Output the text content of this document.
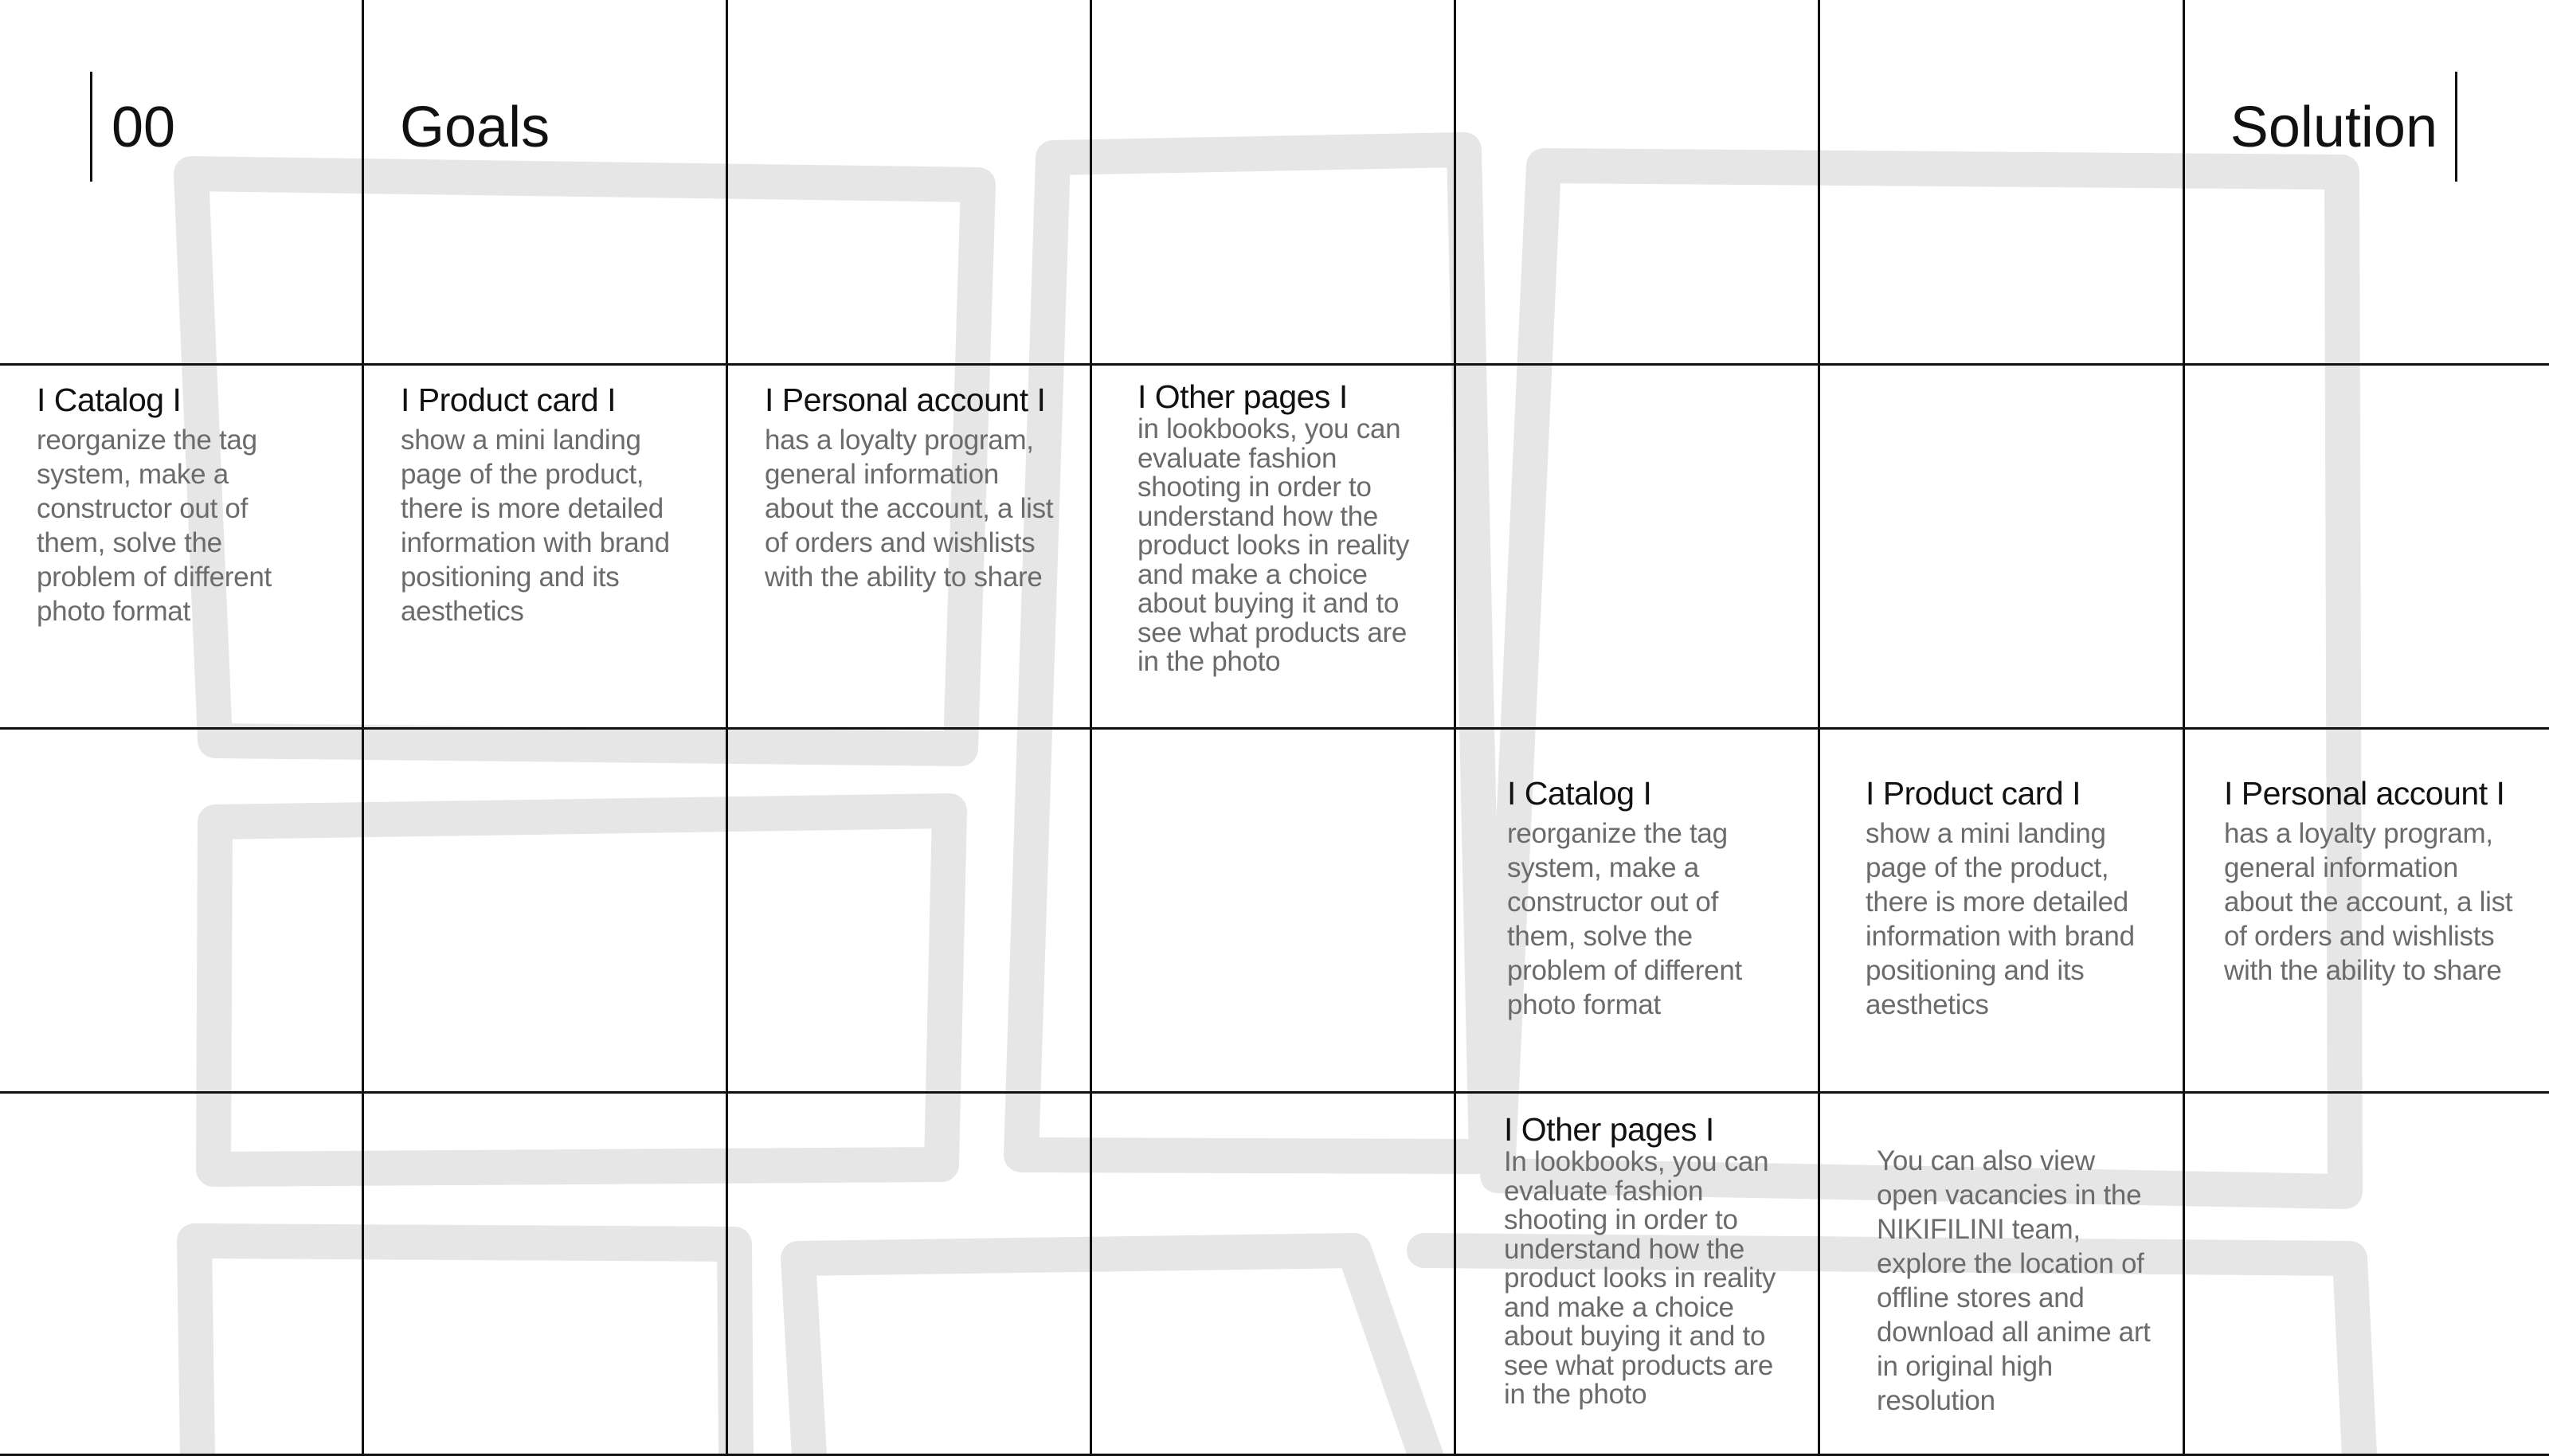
00	Goals	Solution
I Catalog I

reorganize the tag system, make a constructor out of them, solve the problem of different photo format

I Product card I

show a mini landing page of the product, there is more detailed information with brand positioning and its aesthetics

I Personal account I

has a loyalty program, general information about the account, a list of orders and wishlists with the ability to share

I Other pages I

in lookbooks, you can evaluate fashion shooting in order to understand how the product looks in reality and make a choice about buying it and to see what products are in the photo

I Catalog I

reorganize the tag system, make a constructor out of them, solve the problem of different photo format

I Product card I

show a mini landing page of the product, there is more detailed information with brand positioning and its aesthetics

I Personal account I

has a loyalty program, general information about the account, a list of orders and wishlists with the ability to share

I Other pages I

In lookbooks, you can evaluate fashion shooting in order to understand how the product looks in reality and make a choice about buying it and to see what products are in the photo

You can also view open vacancies in the NIKIFILINI team, explore the location of offline stores and download all anime art in original high resolution
